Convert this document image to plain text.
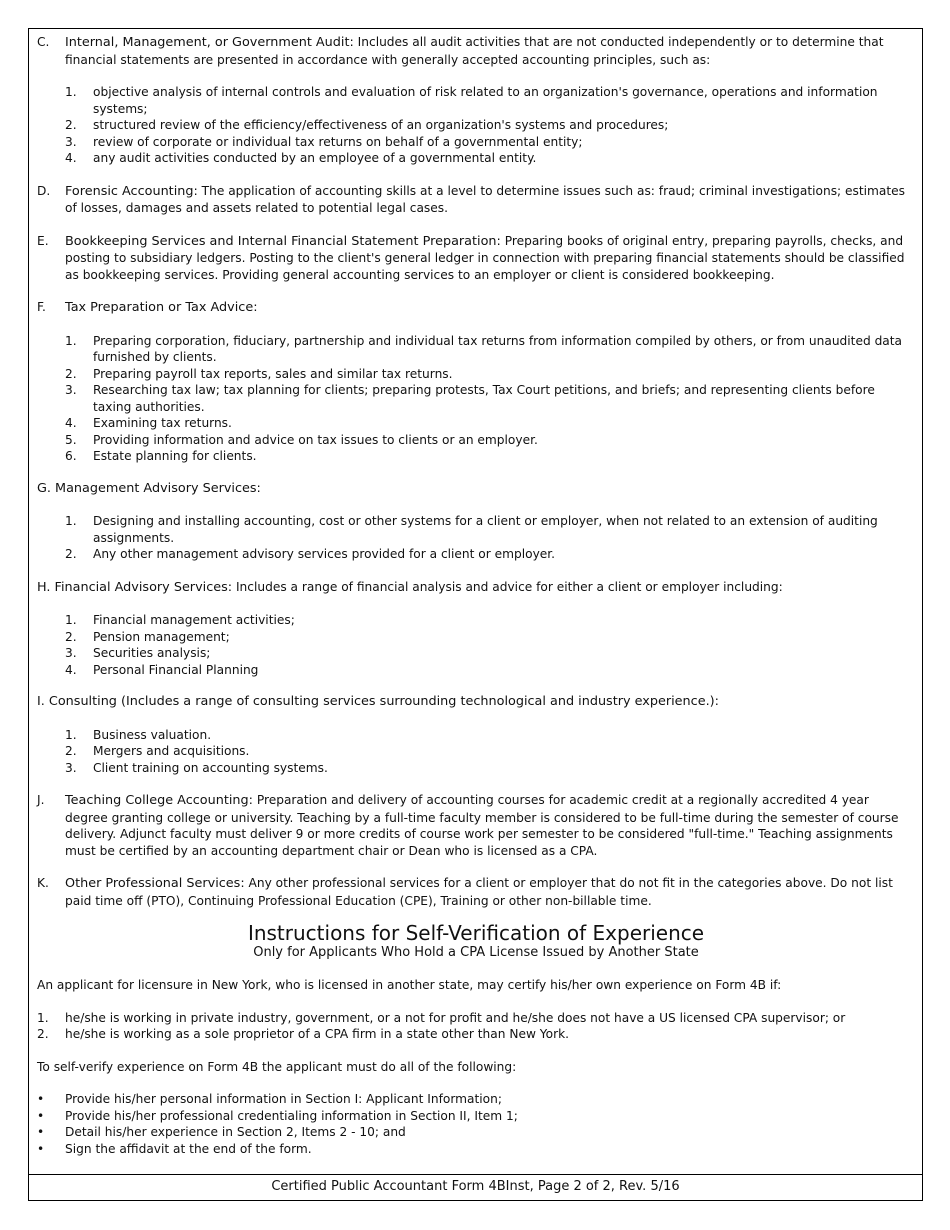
C.	Internal, Management, or Government Audit: Includes all audit activities that are not conducted independently or to determine that financial statements are presented in accordance with generally accepted accounting principles, such as:
1.	objective analysis of internal controls and evaluation of risk related to an organization's governance, operations and information systems;
2.	structured review of the efficiency/effectiveness of an organization's systems and procedures;
3.	review of corporate or individual tax returns on behalf of a governmental entity;
4.	any audit activities conducted by an employee of a governmental entity.
D.	Forensic Accounting: The application of accounting skills at a level to determine issues such as: fraud; criminal investigations; estimates of losses, damages and assets related to potential legal cases.
E.	Bookkeeping Services and Internal Financial Statement Preparation: Preparing books of original entry, preparing payrolls, checks, and posting to subsidiary ledgers. Posting to the client's general ledger in connection with preparing financial statements should be classified as bookkeeping services. Providing general accounting services to an employer or client is considered bookkeeping.
F.	Tax Preparation or Tax Advice:
1.	Preparing corporation, fiduciary, partnership and individual tax returns from information compiled by others, or from unaudited data furnished by clients.
2.	Preparing payroll tax reports, sales and similar tax returns.
3.	Researching tax law; tax planning for clients; preparing protests, Tax Court petitions, and briefs; and representing clients before taxing authorities.
4.	Examining tax returns.
5.	Providing information and advice on tax issues to clients or an employer.
6.	Estate planning for clients.
G. Management Advisory Services:
1.	Designing and installing accounting, cost or other systems for a client or employer, when not related to an extension of auditing assignments.
2.	Any other management advisory services provided for a client or employer.
H. Financial Advisory Services: Includes a range of financial analysis and advice for either a client or employer including:
1.	Financial management activities;
2.	Pension management;
3.	Securities analysis;
4.	Personal Financial Planning
I. Consulting (Includes a range of consulting services surrounding technological and industry experience.):
1.	Business valuation.
2.	Mergers and acquisitions.
3.	Client training on accounting systems.
J.	Teaching College Accounting: Preparation and delivery of accounting courses for academic credit at a regionally accredited 4 year degree granting college or university. Teaching by a full-time faculty member is considered to be full-time during the semester of course delivery. Adjunct faculty must deliver 9 or more credits of course work per semester to be considered "full-time." Teaching assignments must be certified by an accounting department chair or Dean who is licensed as a CPA.
K.	Other Professional Services: Any other professional services for a client or employer that do not fit in the categories above. Do not list paid time off (PTO), Continuing Professional Education (CPE), Training or other non-billable time.
Instructions for Self-Verification of Experience
Only for Applicants Who Hold a CPA License Issued by Another State
An applicant for licensure in New York, who is licensed in another state, may certify his/her own experience on Form 4B if:
1.	he/she is working in private industry, government, or a not for profit and he/she does not have a US licensed CPA supervisor; or
2.	he/she is working as a sole proprietor of a CPA firm in a state other than New York.
To self-verify experience on Form 4B the applicant must do all of the following:
•	Provide his/her personal information in Section I: Applicant Information;
•	Provide his/her professional credentialing information in Section II, Item 1;
•	Detail his/her experience in Section 2, Items 2 - 10; and
•	Sign the affidavit at the end of the form.
Certified Public Accountant Form 4BInst, Page 2 of 2, Rev. 5/16
